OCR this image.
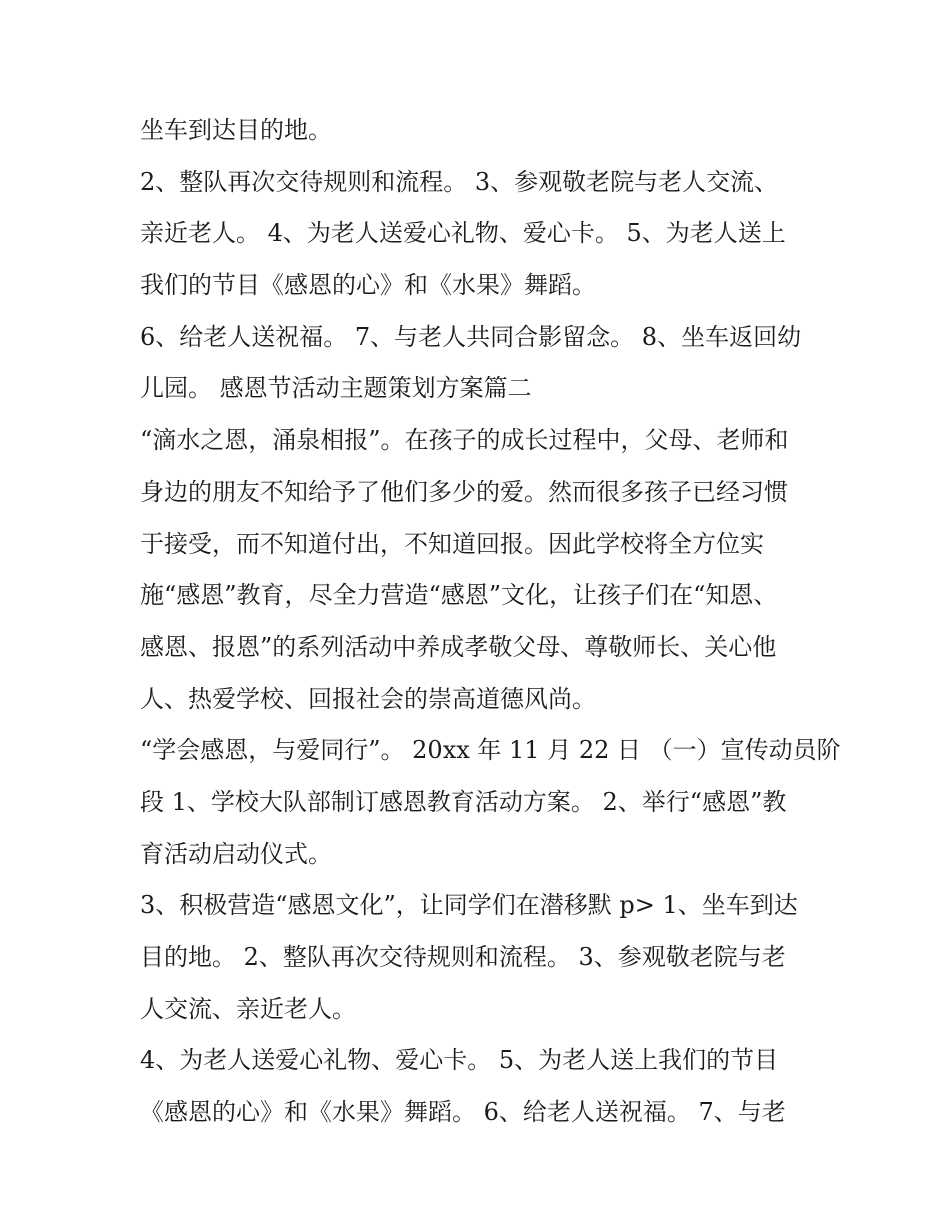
坐车到达目的地。
2、整队再次交待规则和流程。 3、参观敬老院与老人交流、
亲近老人。 4、为老人送爱心礼物、爱心卡。 5、为老人送上
我们的节目《感恩的心》和《水果》舞蹈。
6、给老人送祝福。 7、与老人共同合影留念。 8、坐车返回幼
儿园。 感恩节活动主题策划方案篇二
“滴水之恩，涌泉相报”。在孩子的成长过程中，父母、老师和
身边的朋友不知给予了他们多少的爱。然而很多孩子已经习惯
于接受，而不知道付出，不知道回报。因此学校将全方位实
施“感恩”教育，尽全力营造“感恩”文化，让孩子们在“知恩、
感恩、报恩”的系列活动中养成孝敬父母、尊敬师长、关心他
人、热爱学校、回报社会的崇高道德风尚。
“学会感恩，与爱同行”。 20xx 年 11 月 22 日 （一）宣传动员阶
段 1、学校大队部制订感恩教育活动方案。 2、举行“感恩”教
育活动启动仪式。
3、积极营造“感恩文化”，让同学们在潜移默 p> 1、坐车到达
目的地。 2、整队再次交待规则和流程。 3、参观敬老院与老
人交流、亲近老人。
4、为老人送爱心礼物、爱心卡。 5、为老人送上我们的节目
《感恩的心》和《水果》舞蹈。 6、给老人送祝福。 7、与老
